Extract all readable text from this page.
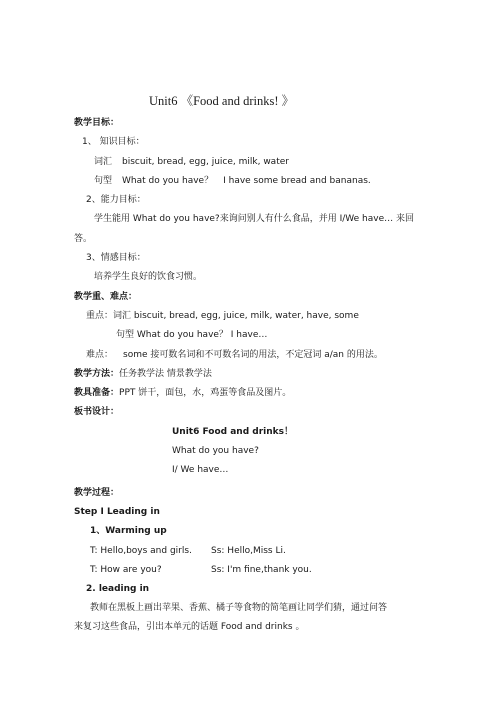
Unit6 《Food and drinks! 》
教学目标：
1、 知识目标：
词汇 biscuit, bread, egg, juice, milk, water
句型 What do you have？ I have some bread and bananas.
2、能力目标：
学生能用 What do you have?来询问别人有什么食品，并用 I/We have… 来回
答。
3、情感目标：
培养学生良好的饮食习惯。
教学重、难点：
重点：词汇 biscuit, bread, egg, juice, milk, water, have, some
句型 What do you have？ I have…
难点： some 接可数名词和不可数名词的用法，不定冠词 a/an 的用法。
教学方法：任务教学法 情景教学法
教具准备：PPT 饼干，面包，水，鸡蛋等食品及图片。
板书设计：
Unit6 Food and drinks！
What do you have?
I/ We have…
教学过程：
Step I Leading in
1、Warming up
T: Hello,boys and girls. Ss: Hello,Miss Li.
T: How are you?	Ss: I'm fine,thank you.
2. leading in
教师在黑板上画出苹果、香蕉、橘子等食物的简笔画让同学们猜，通过问答
来复习这些食品，引出本单元的话题 Food and drinks 。
